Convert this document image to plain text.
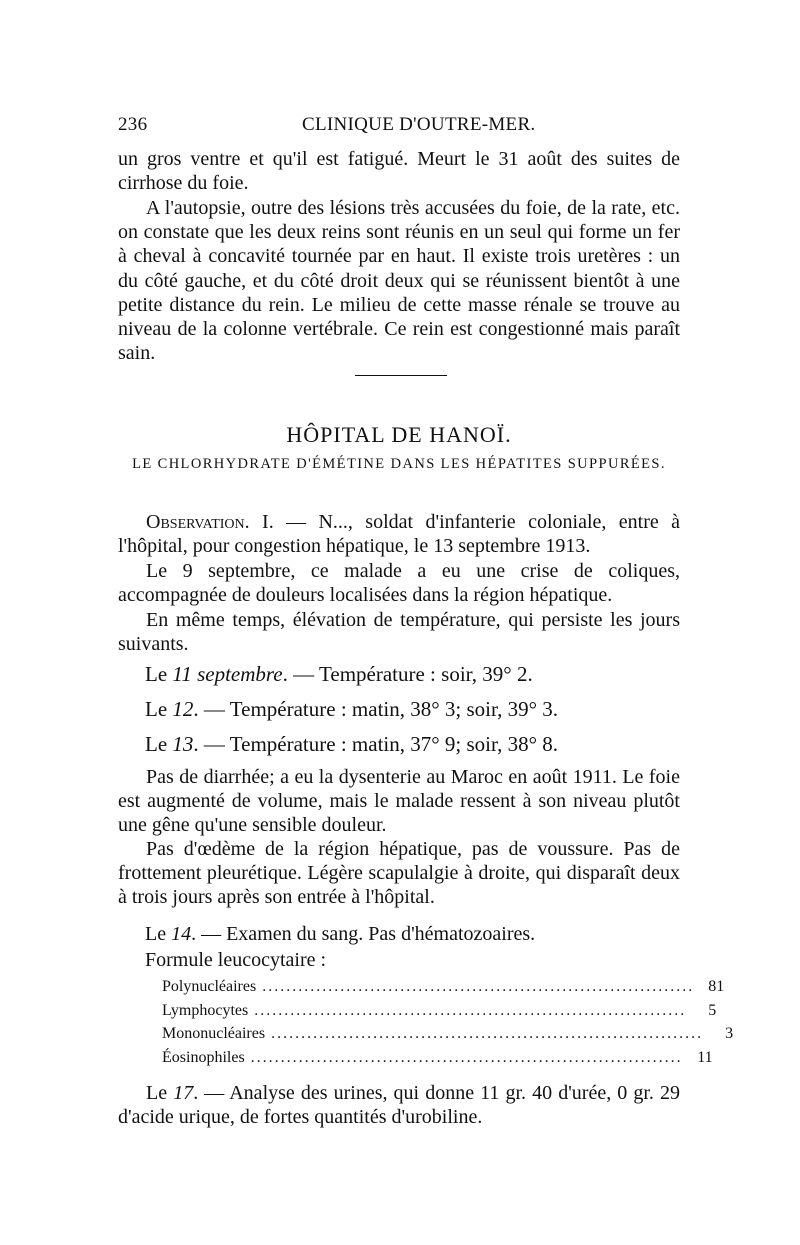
236	CLINIQUE D'OUTRE-MER.

un gros ventre et qu'il est fatigué. Meurt le 31 août des suites de cirrhose du foie.

A l'autopsie, outre des lésions très accusées du foie, de la rate, etc. on constate que les deux reins sont réunis en un seul qui forme un fer à cheval à concavité tournée par en haut. Il existe trois uretères : un du côté gauche, et du côté droit deux qui se réunissent bientôt à une petite distance du rein. Le milieu de cette masse rénale se trouve au niveau de la colonne vertébrale. Ce rein est congestionné mais paraît sain.

HÔPITAL DE HANOÏ.
LE CHLORHYDRATE D'ÉMÉTINE DANS LES HÉPATITES SUPPURÉES.

Observation. I. — N..., soldat d'infanterie coloniale, entre à l'hôpital, pour congestion hépatique, le 13 septembre 1913.

Le 9 septembre, ce malade a eu une crise de coliques, accompagnée de douleurs localisées dans la région hépatique.

En même temps, élévation de température, qui persiste les jours suivants.

Le 11 septembre. — Température : soir, 39° 2.
Le 12. — Température : matin, 38° 3; soir, 39° 3.
Le 13. — Température : matin, 37° 9; soir, 38° 8.

Pas de diarrhée; a eu la dysenterie au Maroc en août 1911. Le foie est augmenté de volume, mais le malade ressent à son niveau plutôt une gêne qu'une sensible douleur.

Pas d'œdème de la région hépatique, pas de voussure. Pas de frottement pleurétique. Légère scapulalgie à droite, qui disparaît deux à trois jours après son entrée à l'hôpital.

Le 14. — Examen du sang. Pas d'hématozoaires.
Formule leucocytaire :
Polynucléaires ........................................................................ 81
Lymphocytes ........................................................................	5
Mononucléaires ........................................................................	3
Éosinophiles ........................................................................ 11

Le 17. — Analyse des urines, qui donne 11 gr. 40 d'urée, 0 gr. 29 d'acide urique, de fortes quantités d'urobiline.
